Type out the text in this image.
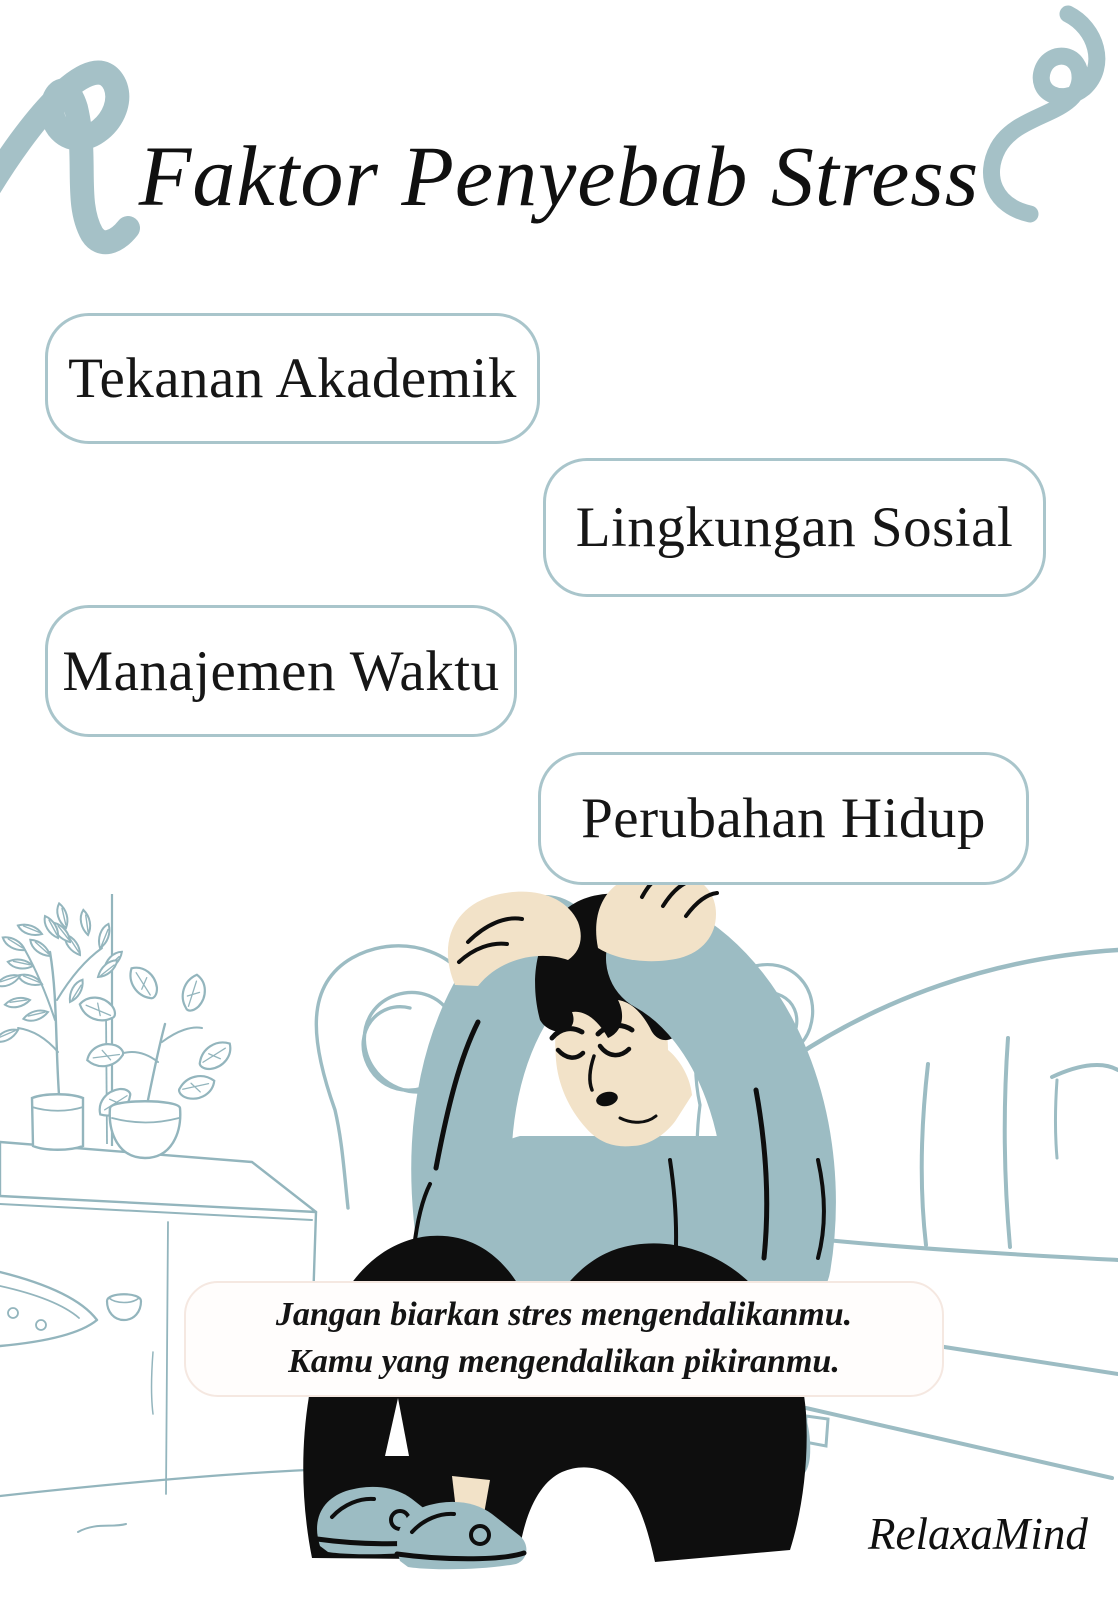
Faktor Penyebab Stress
Tekanan Akademik
Lingkungan Sosial
Manajemen Waktu
Perubahan Hidup
Jangan biarkan stres mengendalikanmu.
Kamu yang mengendalikan pikiranmu.
RelaxaMind
